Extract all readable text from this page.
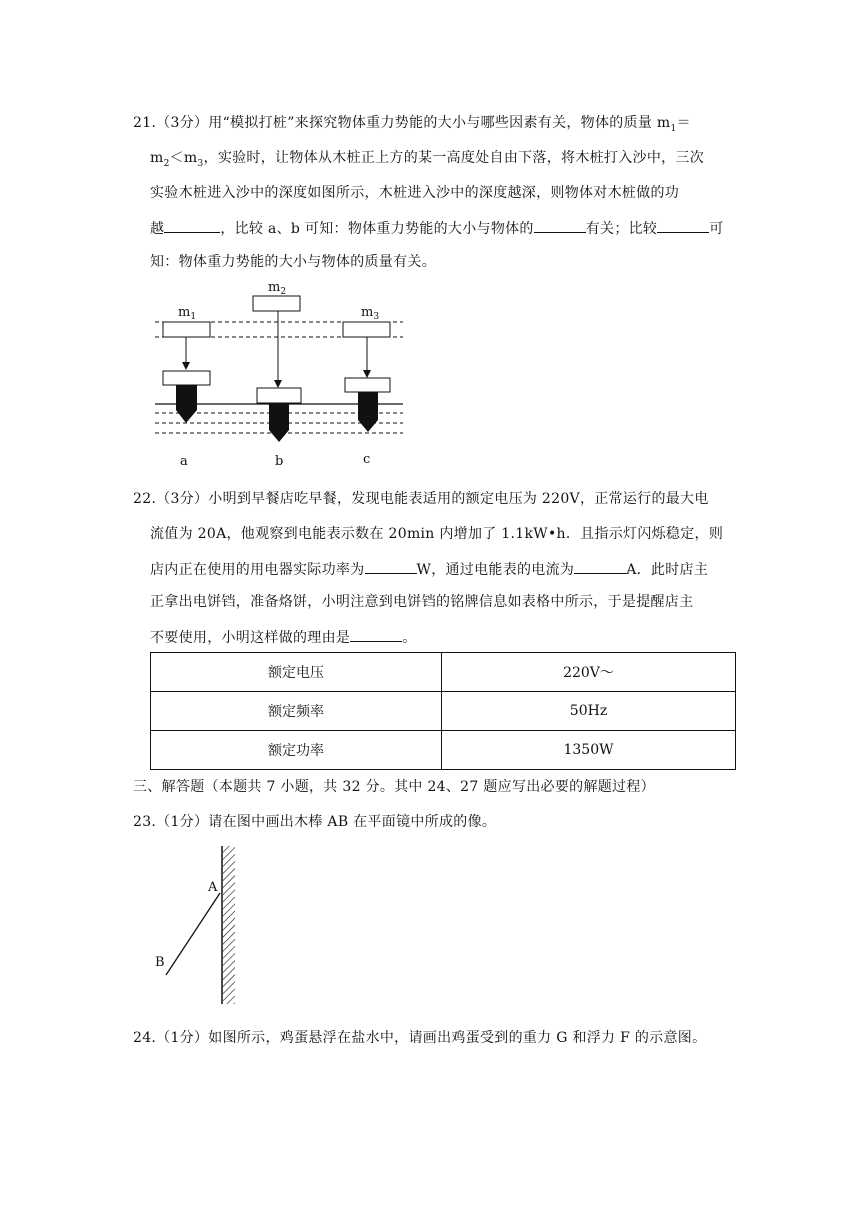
21.（3分）用“模拟打桩”来探究物体重力势能的大小与哪些因素有关，物体的质量 $m_1=$
$m_2<m_3$，实验时，让物体从木桩正上方的某一高度处自由下落，将木桩打入沙中，三次
实验木桩进入沙中的深度如图所示，木桩进入沙中的深度越深，则物体对木桩做的功
越	，比较 a、b 可知：物体重力势能的大小与物体的	有关；比较	可
知：物体重力势能的大小与物体的质量有关。
$m_1$
a
$m_2$
b
$m_3$
c
22.（3分）小明到早餐店吃早餐，发现电能表适用的额定电压为 220V，正常运行的最大电
流值为 20A，他观察到电能表示数在 20min 内增加了 1.1kW•h．且指示灯闪烁稳定，则
店内正在使用的用电器实际功率为	W，通过电能表的电流为	A．此时店主
正拿出电饼铛，准备烙饼，小明注意到电饼铛的铭牌信息如表格中所示，于是提醒店主
不要使用，小明这样做的理由是	。
额定电压	220V～
额定频率	50Hz
额定功率	1350W
三、解答题（本题共 7 小题，共 32 分。其中 24、27 题应写出必要的解题过程）
23.（1分）请在图中画出木棒 AB 在平面镜中所成的像。
A
B
24.（1分）如图所示，鸡蛋悬浮在盐水中，请画出鸡蛋受到的重力 G 和浮力 F 的示意图。
